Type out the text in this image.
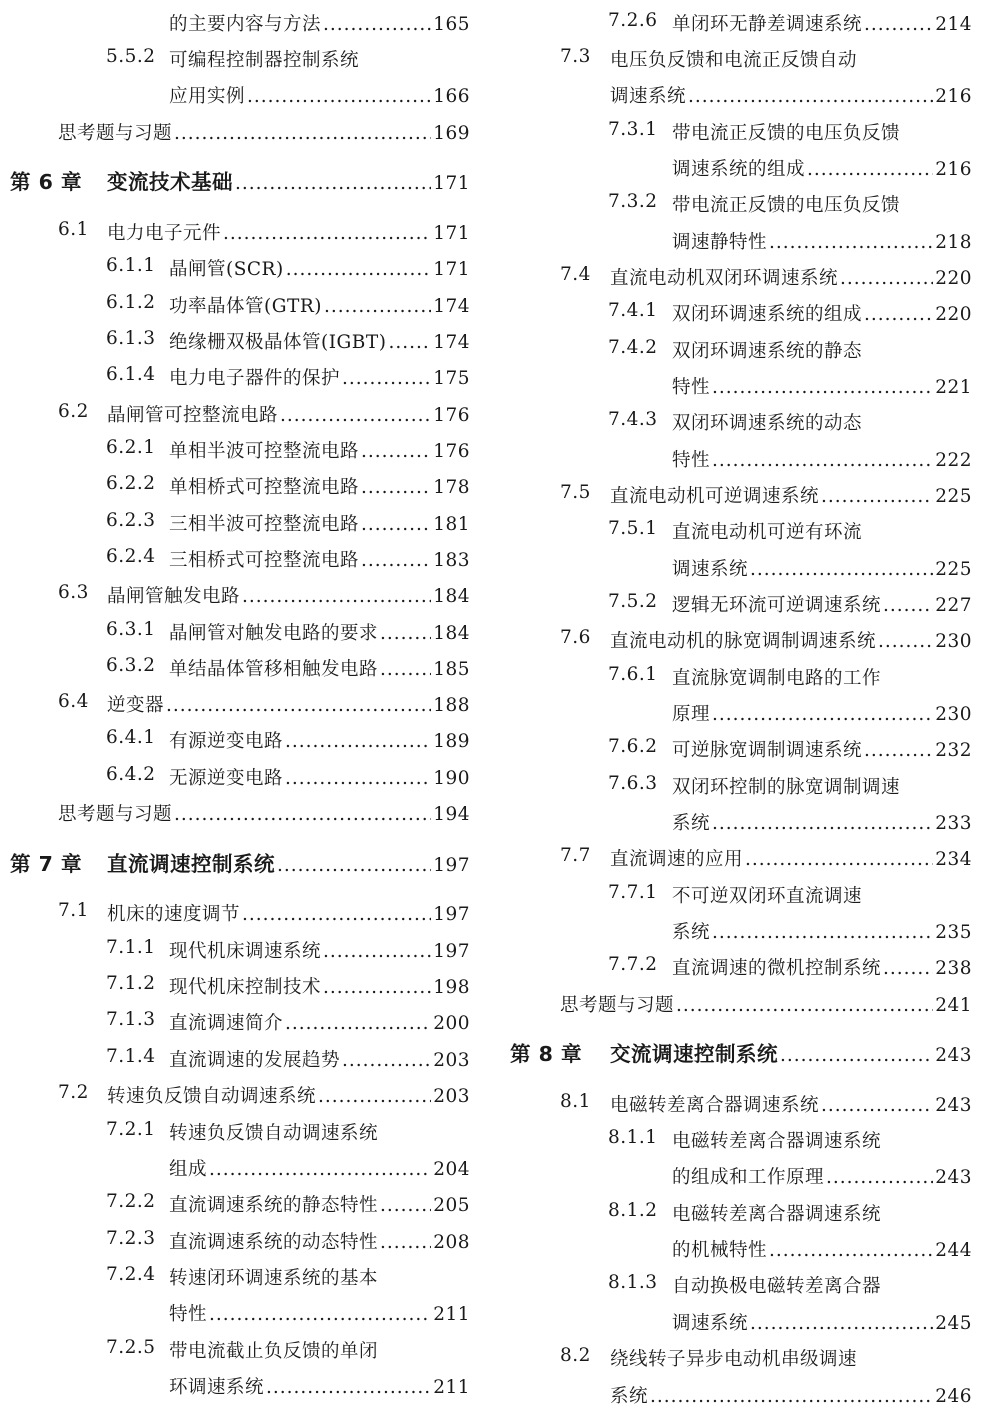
的主要内容与方法 .....	165
5.5.2 可编程控制器控制系统
应用实例 .....	166
思考题与习题 .....	169
第 6 章 变流技术基础 .....	171
6.1 电力电子元件 .....	171
6.1.1 晶闸管(SCR) .....	171
6.1.2 功率晶体管(GTR) .....	174
6.1.3 绝缘栅双极晶体管(IGBT) .....	174
6.1.4 电力电子器件的保护 .....	175
6.2 晶闸管可控整流电路 .....	176
6.2.1 单相半波可控整流电路 .....	176
6.2.2 单相桥式可控整流电路 .....	178
6.2.3 三相半波可控整流电路 .....	181
6.2.4 三相桥式可控整流电路 .....	183
6.3 晶闸管触发电路 .....	184
6.3.1 晶闸管对触发电路的要求 .....	184
6.3.2 单结晶体管移相触发电路 .....	185
6.4 逆变器 .....	188
6.4.1 有源逆变电路 .....	189
6.4.2 无源逆变电路 .....	190
思考题与习题 .....	194
第 7 章 直流调速控制系统 .....	197
7.1 机床的速度调节 .....	197
7.1.1 现代机床调速系统 .....	197
7.1.2 现代机床控制技术 .....	198
7.1.3 直流调速简介 .....	200
7.1.4 直流调速的发展趋势 .....	203
7.2 转速负反馈自动调速系统 .....	203
7.2.1 转速负反馈自动调速系统
组成 .....	204
7.2.2 直流调速系统的静态特性 .....	205
7.2.3 直流调速系统的动态特性 .....	208
7.2.4 转速闭环调速系统的基本
特性 .....	211
7.2.5 带电流截止负反馈的单闭
环调速系统 .....	211
7.2.6 单闭环无静差调速系统 .....	214
7.3 电压负反馈和电流正反馈自动
调速系统 .....	216
7.3.1 带电流正反馈的电压负反馈
调速系统的组成 .....	216
7.3.2 带电流正反馈的电压负反馈
调速静特性 .....	218
7.4 直流电动机双闭环调速系统 .....	220
7.4.1 双闭环调速系统的组成 .....	220
7.4.2 双闭环调速系统的静态
特性 .....	221
7.4.3 双闭环调速系统的动态
特性 .....	222
7.5 直流电动机可逆调速系统 .....	225
7.5.1 直流电动机可逆有环流
调速系统 .....	225
7.5.2 逻辑无环流可逆调速系统 .....	227
7.6 直流电动机的脉宽调制调速系统 .....	230
7.6.1 直流脉宽调制电路的工作
原理 .....	230
7.6.2 可逆脉宽调制调速系统 .....	232
7.6.3 双闭环控制的脉宽调制调速
系统 .....	233
7.7 直流调速的应用 .....	234
7.7.1 不可逆双闭环直流调速
系统 .....	235
7.7.2 直流调速的微机控制系统 .....	238
思考题与习题 .....	241
第 8 章 交流调速控制系统 .....	243
8.1 电磁转差离合器调速系统 .....	243
8.1.1 电磁转差离合器调速系统
的组成和工作原理 .....	243
8.1.2 电磁转差离合器调速系统
的机械特性 .....	244
8.1.3 自动换极电磁转差离合器
调速系统 .....	245
8.2 绕线转子异步电动机串级调速
系统 .....	246
